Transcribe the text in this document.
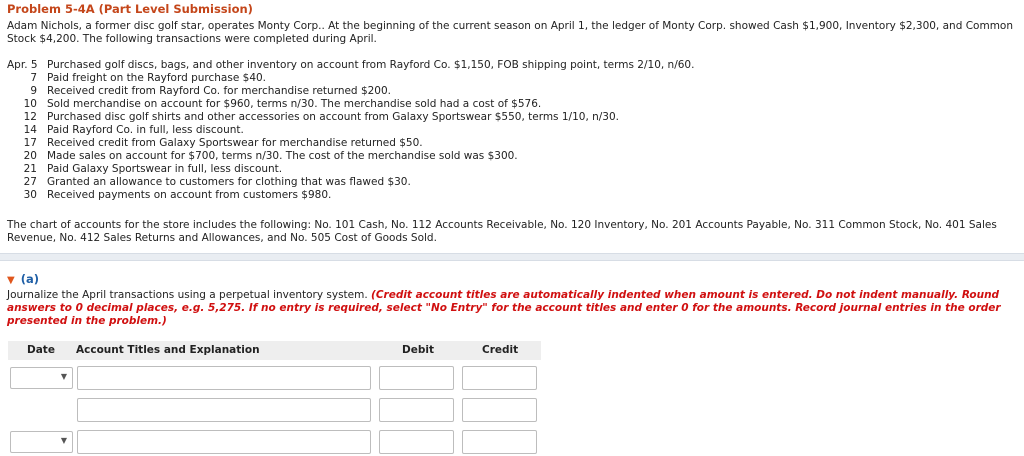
Problem 5-4A (Part Level Submission)
Adam Nichols, a former disc golf star, operates Monty Corp.. At the beginning of the current season on April 1, the ledger of Monty Corp. showed Cash $1,900, Inventory $2,300, and Common Stock $4,200. The following transactions were completed during April.
Apr. 5 Purchased golf discs, bags, and other inventory on account from Rayford Co. $1,150, FOB shipping point, terms 2/10, n/60.
7 Paid freight on the Rayford purchase $40.
9 Received credit from Rayford Co. for merchandise returned $200.
10 Sold merchandise on account for $960, terms n/30. The merchandise sold had a cost of $576.
12 Purchased disc golf shirts and other accessories on account from Galaxy Sportswear $550, terms 1/10, n/30.
14 Paid Rayford Co. in full, less discount.
17 Received credit from Galaxy Sportswear for merchandise returned $50.
20 Made sales on account for $700, terms n/30. The cost of the merchandise sold was $300.
21 Paid Galaxy Sportswear in full, less discount.
27 Granted an allowance to customers for clothing that was flawed $30.
30 Received payments on account from customers $980.
The chart of accounts for the store includes the following: No. 101 Cash, No. 112 Accounts Receivable, No. 120 Inventory, No. 201 Accounts Payable, No. 311 Common Stock, No. 401 Sales Revenue, No. 412 Sales Returns and Allowances, and No. 505 Cost of Goods Sold.
▼ (a)
Journalize the April transactions using a perpetual inventory system. (Credit account titles are automatically indented when amount is entered. Do not indent manually. Round answers to 0 decimal places, e.g. 5,275. If no entry is required, select "No Entry" for the account titles and enter 0 for the amounts. Record journal entries in the order presented in the problem.)
Date Account Titles and Explanation	Debit	Credit
▼
▼
